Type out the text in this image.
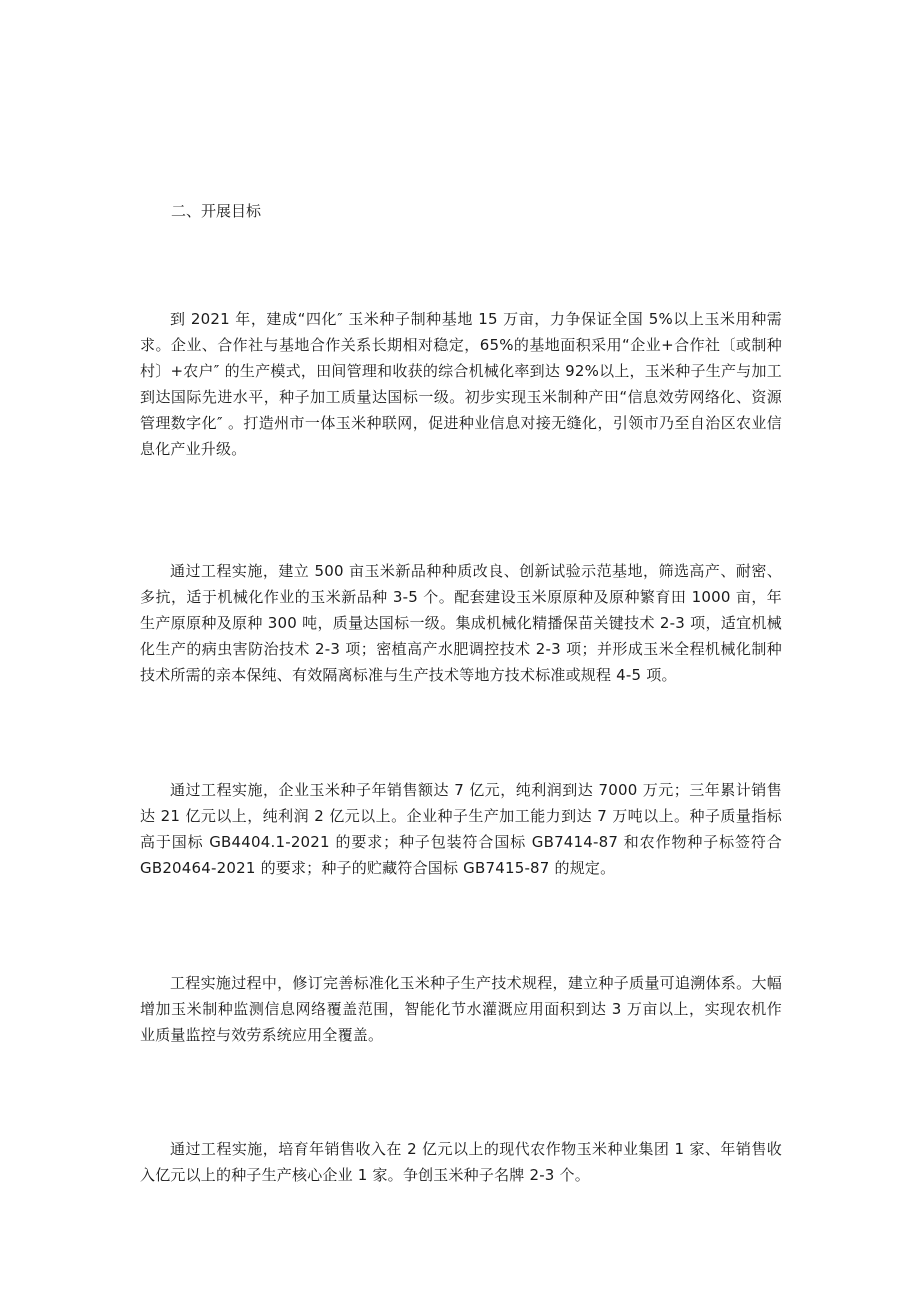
二、开展目标

到 2021 年，建成“四化″ 玉米种子制种基地 15 万亩，力争保证全国 5%以上玉米用种需求。企业、合作社与基地合作关系长期相对稳定，65%的基地面积采用“企业+合作社〔或制种村〕+农户″ 的生产模式，田间管理和收获的综合机械化率到达 92%以上，玉米种子生产与加工到达国际先进水平，种子加工质量达国标一级。初步实现玉米制种产田“信息效劳网络化、资源管理数字化″ 。打造州市一体玉米种联网，促进种业信息对接无缝化，引领市乃至自治区农业信息化产业升级。

通过工程实施，建立 500 亩玉米新品种种质改良、创新试验示范基地，筛选高产、耐密、多抗，适于机械化作业的玉米新品种 3-5 个。配套建设玉米原原种及原种繁育田 1000 亩，年生产原原种及原种 300 吨，质量达国标一级。集成机械化精播保苗关键技术 2-3 项，适宜机械化生产的病虫害防治技术 2-3 项；密植高产水肥调控技术 2-3 项；并形成玉米全程机械化制种技术所需的亲本保纯、有效隔离标准与生产技术等地方技术标准或规程 4-5 项。

通过工程实施，企业玉米种子年销售额达 7 亿元，纯利润到达 7000 万元；三年累计销售达 21 亿元以上，纯利润 2 亿元以上。企业种子生产加工能力到达 7 万吨以上。种子质量指标高于国标 GB4404.1-2021 的要求；种子包装符合国标 GB7414-87 和农作物种子标签符合 GB20464-2021 的要求；种子的贮藏符合国标 GB7415-87 的规定。

工程实施过程中，修订完善标准化玉米种子生产技术规程，建立种子质量可追溯体系。大幅增加玉米制种监测信息网络覆盖范围，智能化节水灌溉应用面积到达 3 万亩以上，实现农机作业质量监控与效劳系统应用全覆盖。

通过工程实施，培育年销售收入在 2 亿元以上的现代农作物玉米种业集团 1 家、年销售收入亿元以上的种子生产核心企业 1 家。争创玉米种子名牌 2-3 个。
